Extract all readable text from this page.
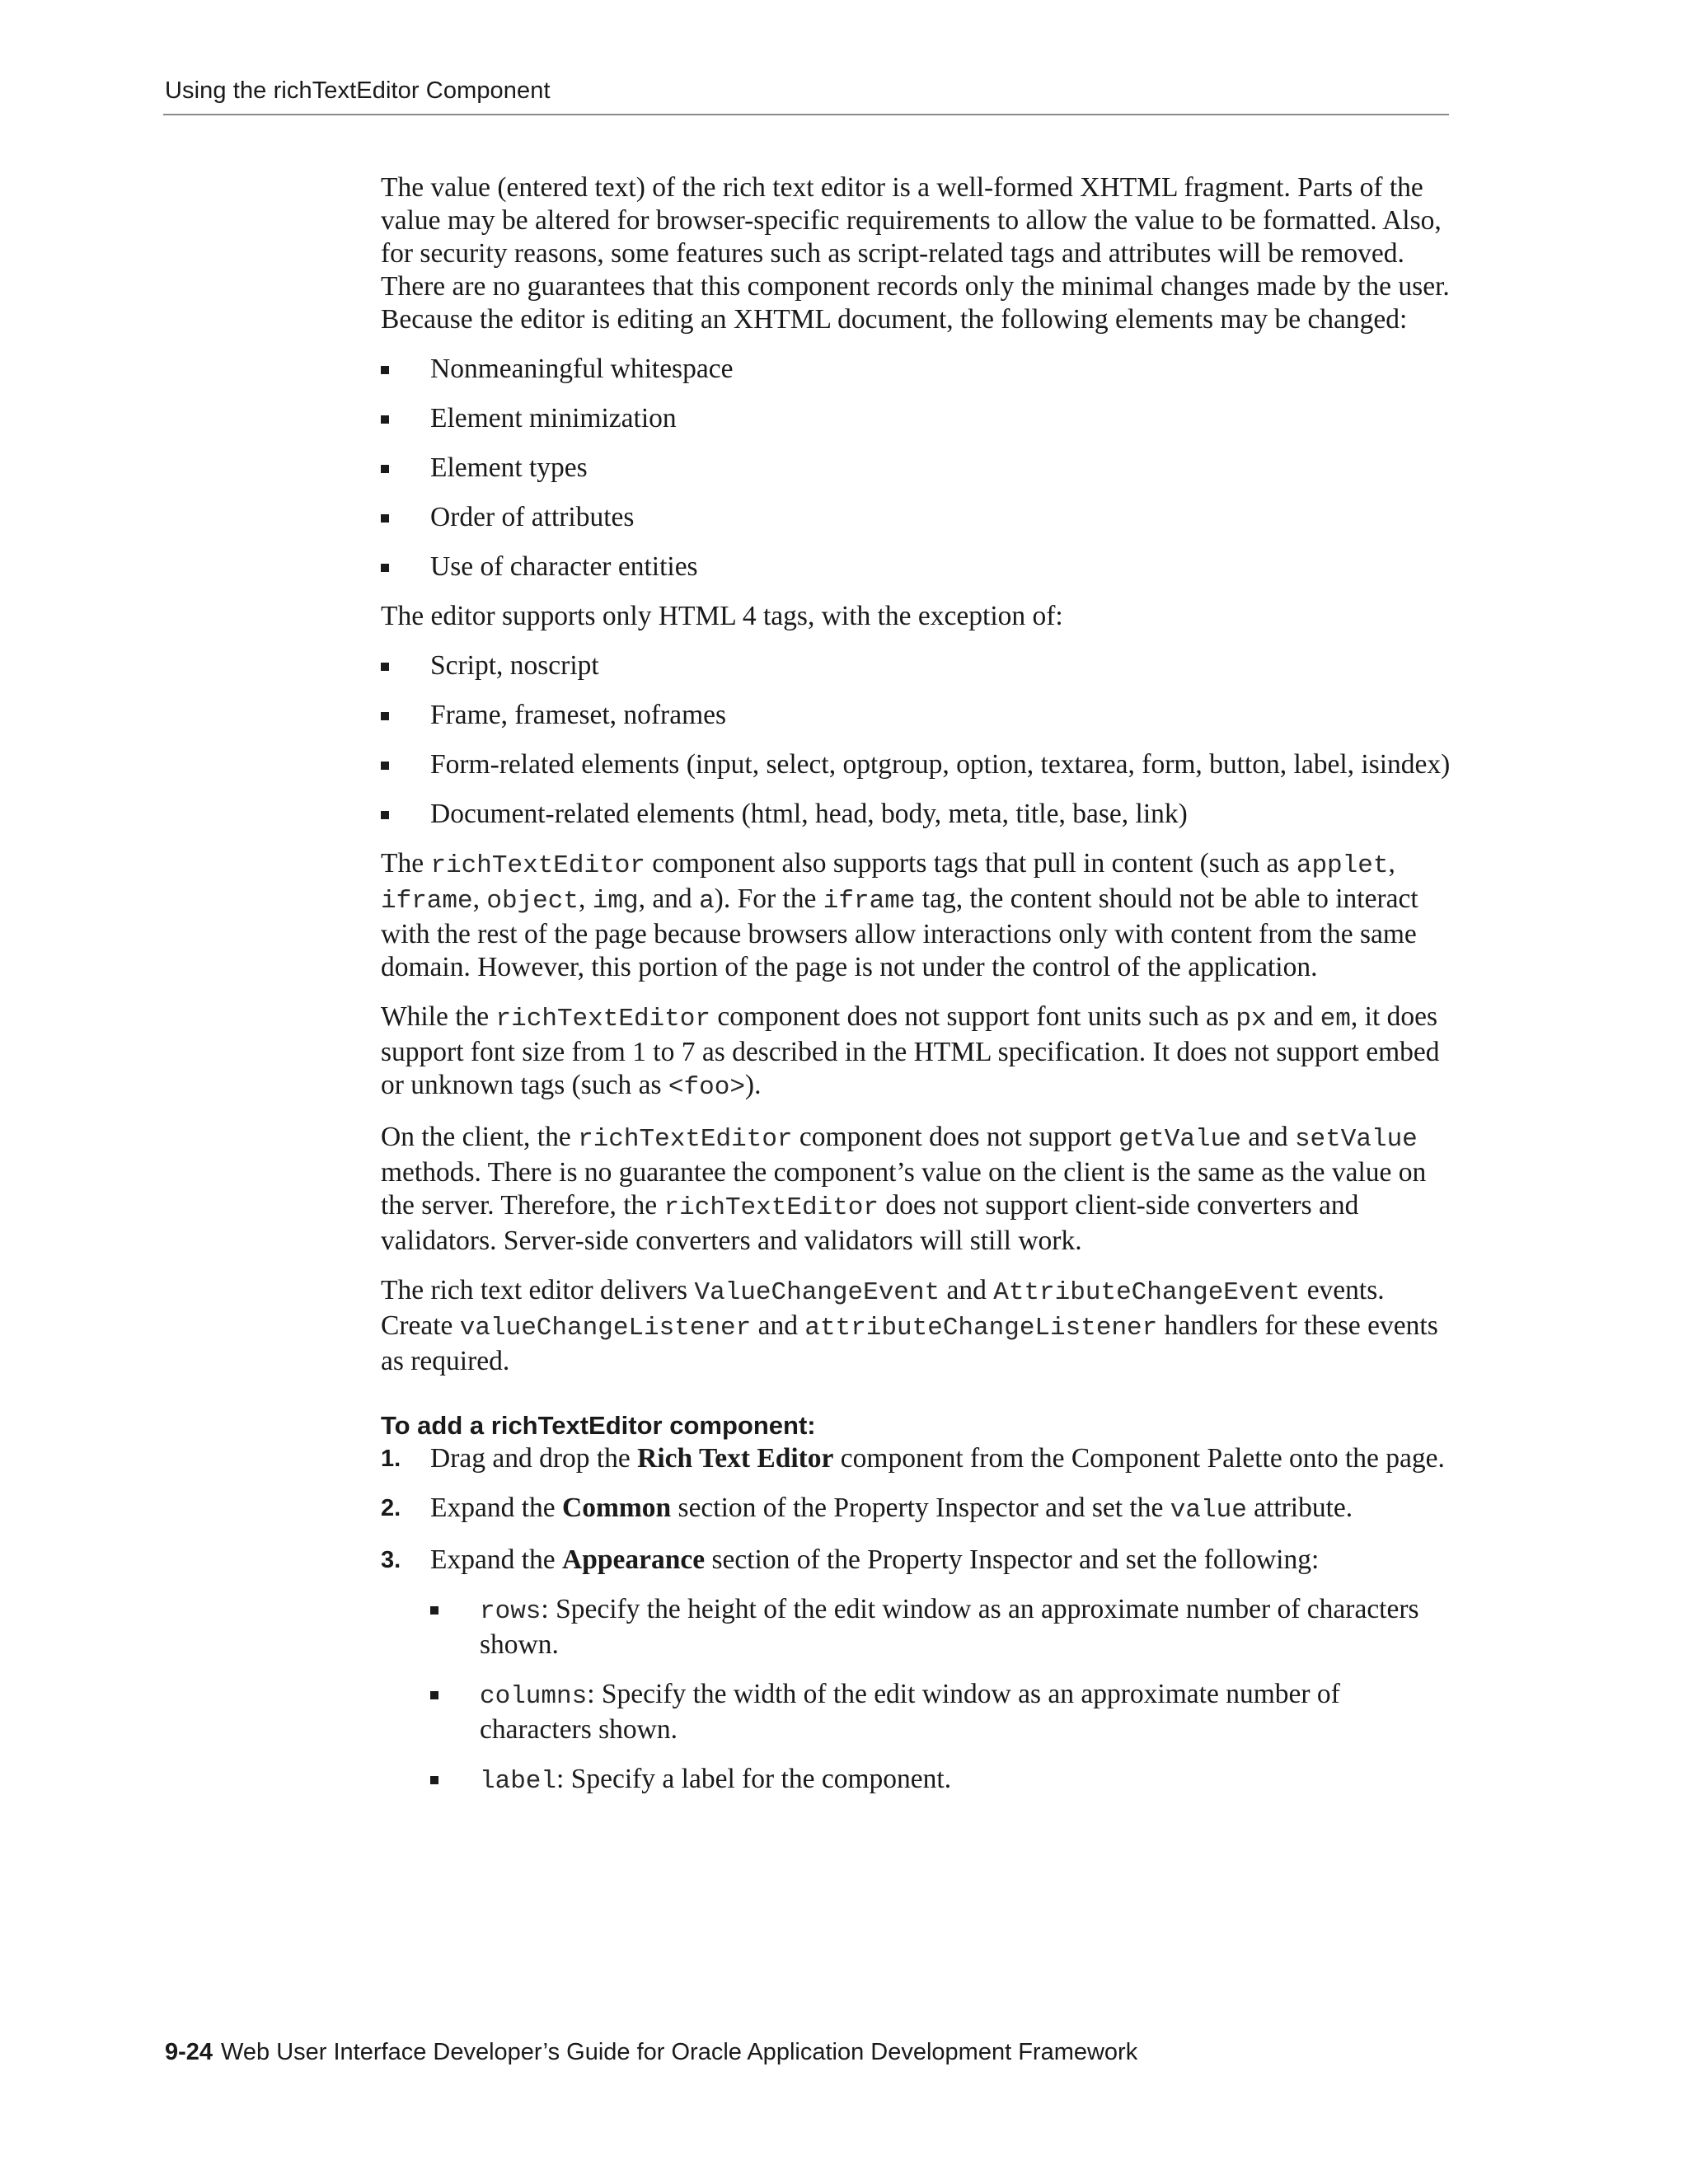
Using the richTextEditor Component

The value (entered text) of the rich text editor is a well-formed XHTML fragment. Parts of the value may be altered for browser-specific requirements to allow the value to be formatted. Also, for security reasons, some features such as script-related tags and attributes will be removed. There are no guarantees that this component records only the minimal changes made by the user. Because the editor is editing an XHTML document, the following elements may be changed:

Nonmeaningful whitespace
Element minimization
Element types
Order of attributes
Use of character entities

The editor supports only HTML 4 tags, with the exception of:

Script, noscript
Frame, frameset, noframes
Form-related elements (input, select, optgroup, option, textarea, form, button, label, isindex)
Document-related elements (html, head, body, meta, title, base, link)

The richTextEditor component also supports tags that pull in content (such as applet, iframe, object, img, and a). For the iframe tag, the content should not be able to interact with the rest of the page because browsers allow interactions only with content from the same domain. However, this portion of the page is not under the control of the application.

While the richTextEditor component does not support font units such as px and em, it does support font size from 1 to 7 as described in the HTML specification. It does not support embed or unknown tags (such as <foo>).

On the client, the richTextEditor component does not support getValue and setValue methods. There is no guarantee the component’s value on the client is the same as the value on the server. Therefore, the richTextEditor does not support client-side converters and validators. Server-side converters and validators will still work.

The rich text editor delivers ValueChangeEvent and AttributeChangeEvent events. Create valueChangeListener and attributeChangeListener handlers for these events as required.

To add a richTextEditor component:
1. Drag and drop the Rich Text Editor component from the Component Palette onto the page.
2. Expand the Common section of the Property Inspector and set the value attribute.
3. Expand the Appearance section of the Property Inspector and set the following:
rows: Specify the height of the edit window as an approximate number of characters shown.
columns: Specify the width of the edit window as an approximate number of characters shown.
label: Specify a label for the component.
9-24 Web User Interface Developer’s Guide for Oracle Application Development Framework
